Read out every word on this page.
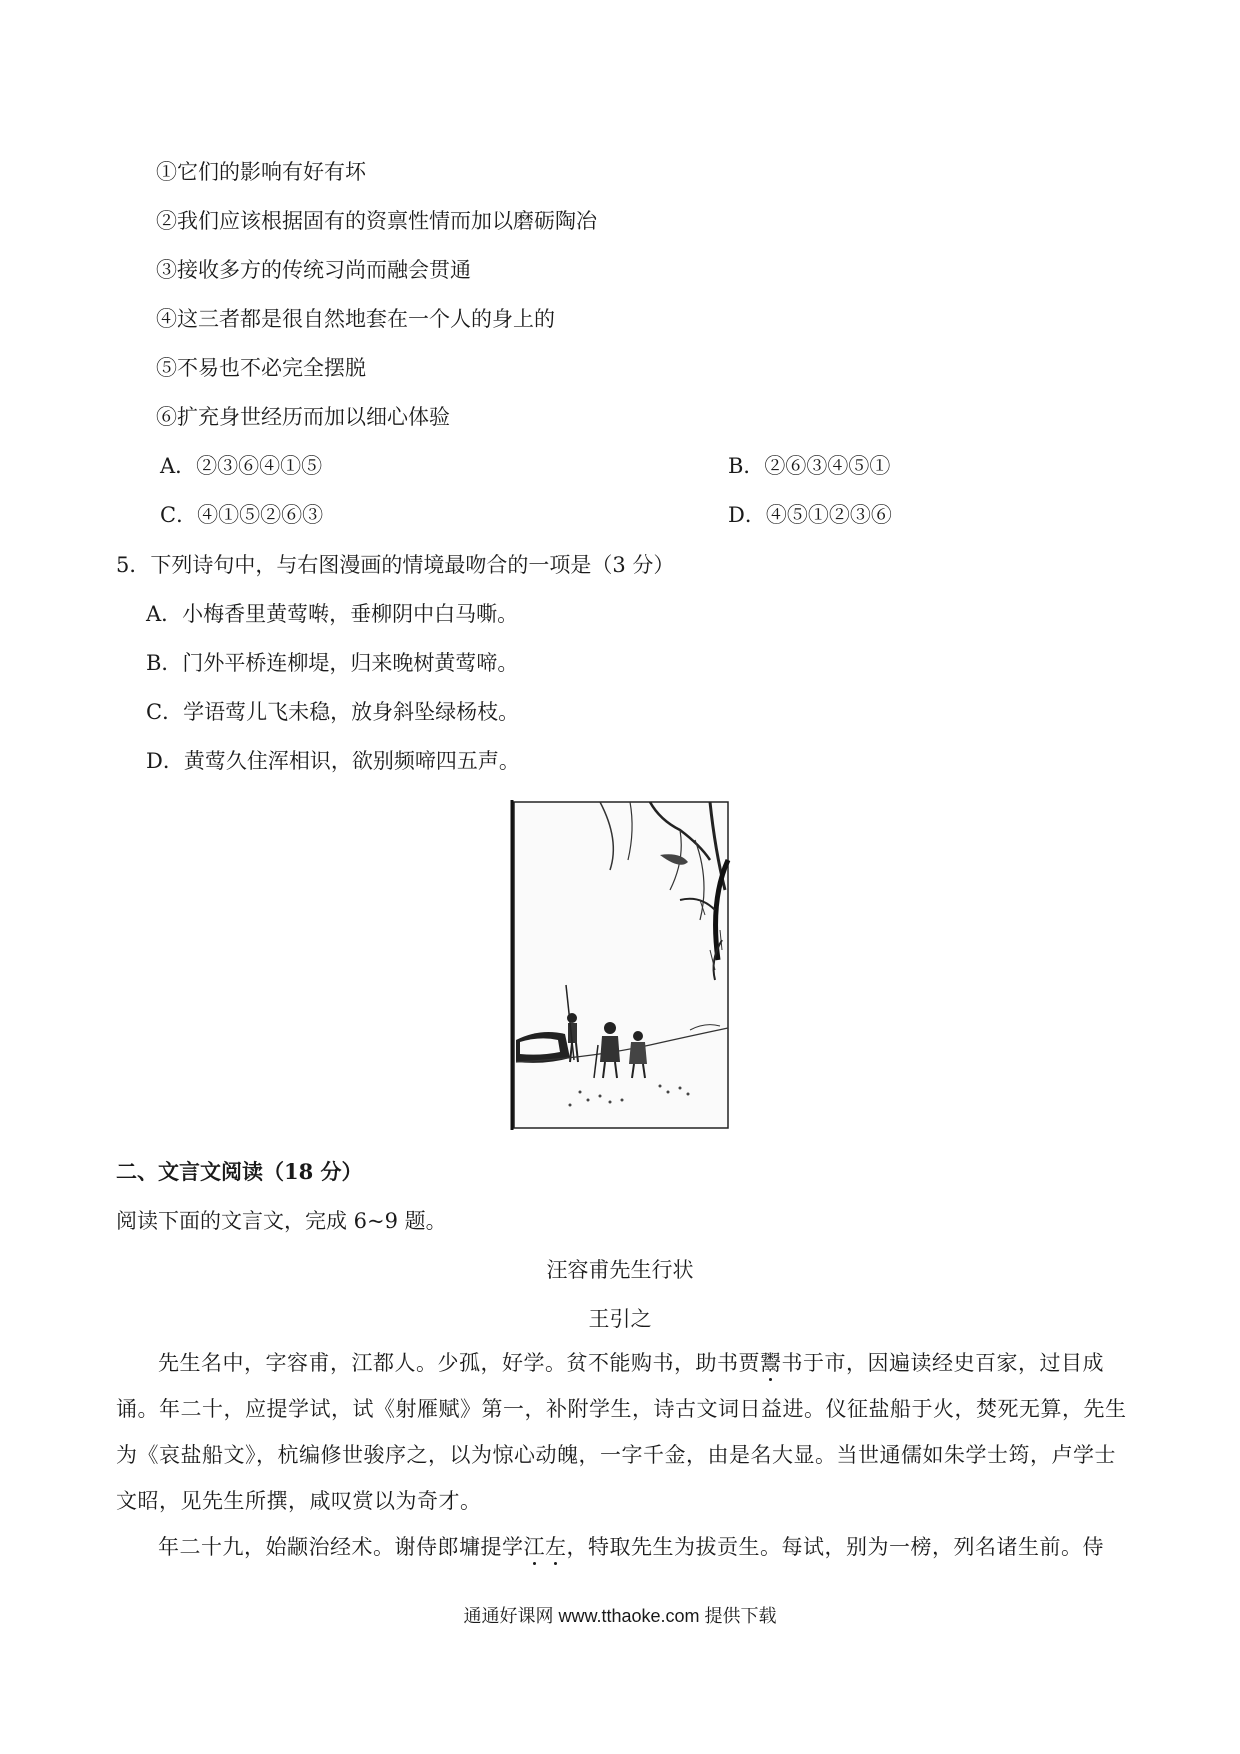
①它们的影响有好有坏
②我们应该根据固有的资禀性情而加以磨砺陶冶
③接收多方的传统习尚而融会贯通
④这三者都是很自然地套在一个人的身上的
⑤不易也不必完全摆脱
⑥扩充身世经历而加以细心体验
A．②③⑥④①⑤	B．②⑥③④⑤①
C．④①⑤②⑥③	D．④⑤①②③⑥
5．下列诗句中，与右图漫画的情境最吻合的一项是（3 分）
A．小梅香里黄莺啭，垂柳阴中白马嘶。
B．门外平桥连柳堤，归来晚树黄莺啼。
C．学语莺儿飞未稳，放身斜坠绿杨枝。
D．黄莺久住浑相识，欲别频啼四五声。
二、文言文阅读（18 分）
阅读下面的文言文，完成 6~9 题。
汪容甫先生行状
王引之
先生名中，字容甫，江都人。少孤，好学。贫不能购书，助书贾鬻书于市，因遍读经史百家，过目成诵。年二十，应提学试，试《射雁赋》第一，补附学生，诗古文词日益进。仪征盐船于火，焚死无算，先生为《哀盐船文》，杭编修世骏序之，以为惊心动魄，一字千金，由是名大显。当世通儒如朱学士筠，卢学士文昭，见先生所撰，咸叹赏以为奇才。
年二十九，始颛治经术。谢侍郎墉提学江左，特取先生为拔贡生。每试，别为一榜，列名诸生前。侍
通通好课网 www.tthaoke.com 提供下载
